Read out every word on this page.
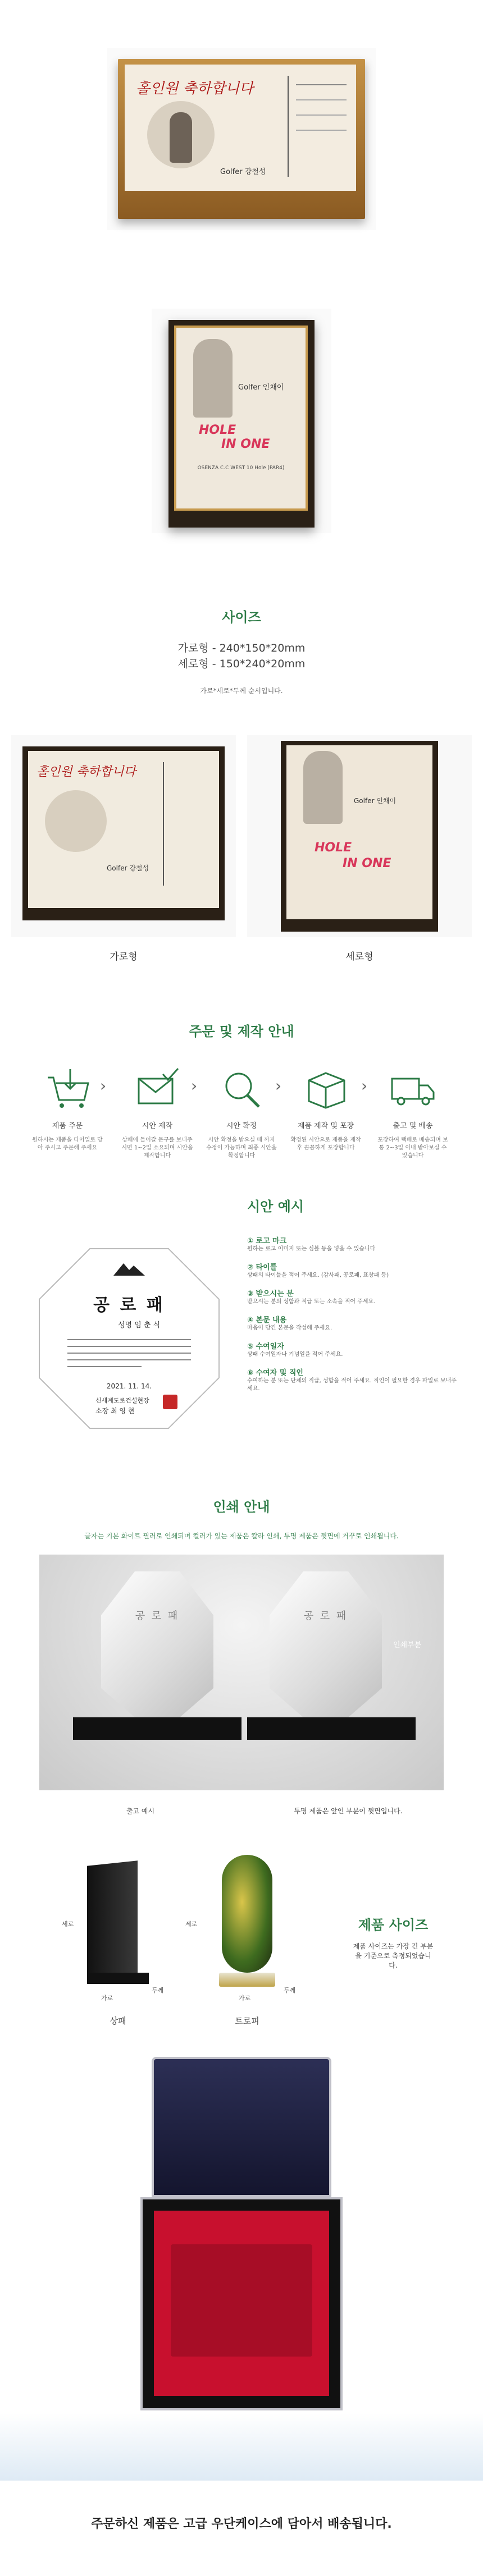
홀인원 축하합니다
Golfer 강철성
Golfer 인채이
HOLE
IN ONE
OSENZA C.C WEST 10 Hole (PAR4)
사이즈
가로형 - 240*150*20mm
세로형 - 150*240*20mm
가로*세로*두께 순서입니다.
홀인원 축하합니다
Golfer 강철성
Golfer 인채이
HOLE
IN ONE
가로형	세로형
주문 및 제작 안내
›	›	›	›
제품 주문	시안 제작	시안 확정	제품 제작 및 포장	출고 및 배송
원하시는 제품을 다이얼로 담아 주시고 주문해 주세요
상패에 들어갈 문구를 보내주시면 1~2일 소요되며 시안을 제작합니다
시안 확정을 받으실 때 까지 수정이 가능하며 최종 시안을 확정합니다
확정된 시안으로 제품을 제작 후 꼼꼼하게 포장합니다
포장하여 택배로 배송되며 보통 2~3일 이내 받아보실 수 있습니다
시안 예시
공 로 패
성명 임 춘 식
2021. 11. 14.
신세계도로건설현장
소장 최 영 현
① 로고 마크
원하는 로고 이미지 또는 심볼 등을 넣을 수 있습니다
② 타이틀
상패의 타이틀을 적어 주세요. (감사패, 공로패, 표창패 등)
③ 받으시는 분
받으시는 분의 성함과 직급 또는 소속을 적어 주세요.
④ 본문 내용
마음이 담긴 본문을 작성해 주세요.
⑤ 수여일자
상패 수여일자나 기념일을 적어 주세요.
⑥ 수여자 및 직인
수여하는 분 또는 단체의 직급, 성함을 적어 주세요. 직인이 필요한 경우 파일로 보내주세요.
인쇄 안내
글자는 기본 화이트 필러로 인쇄되며 컬러가 있는 제품은 칼라 인쇄, 투명 제품은 뒷면에 거꾸로 인쇄됩니다.
공 로 패	공 로 패
인쇄부분
출고 예시	투명 제품은 앞인 부분이 뒷면입니다.
세로
가로
두께
상패
세로
가로
두께
트로피
제품 사이즈
제품 사이즈는 가장 긴 부분을 기준으로 측정되었습니다.
주문하신 제품은 고급 우단케이스에 담아서 배송됩니다.
